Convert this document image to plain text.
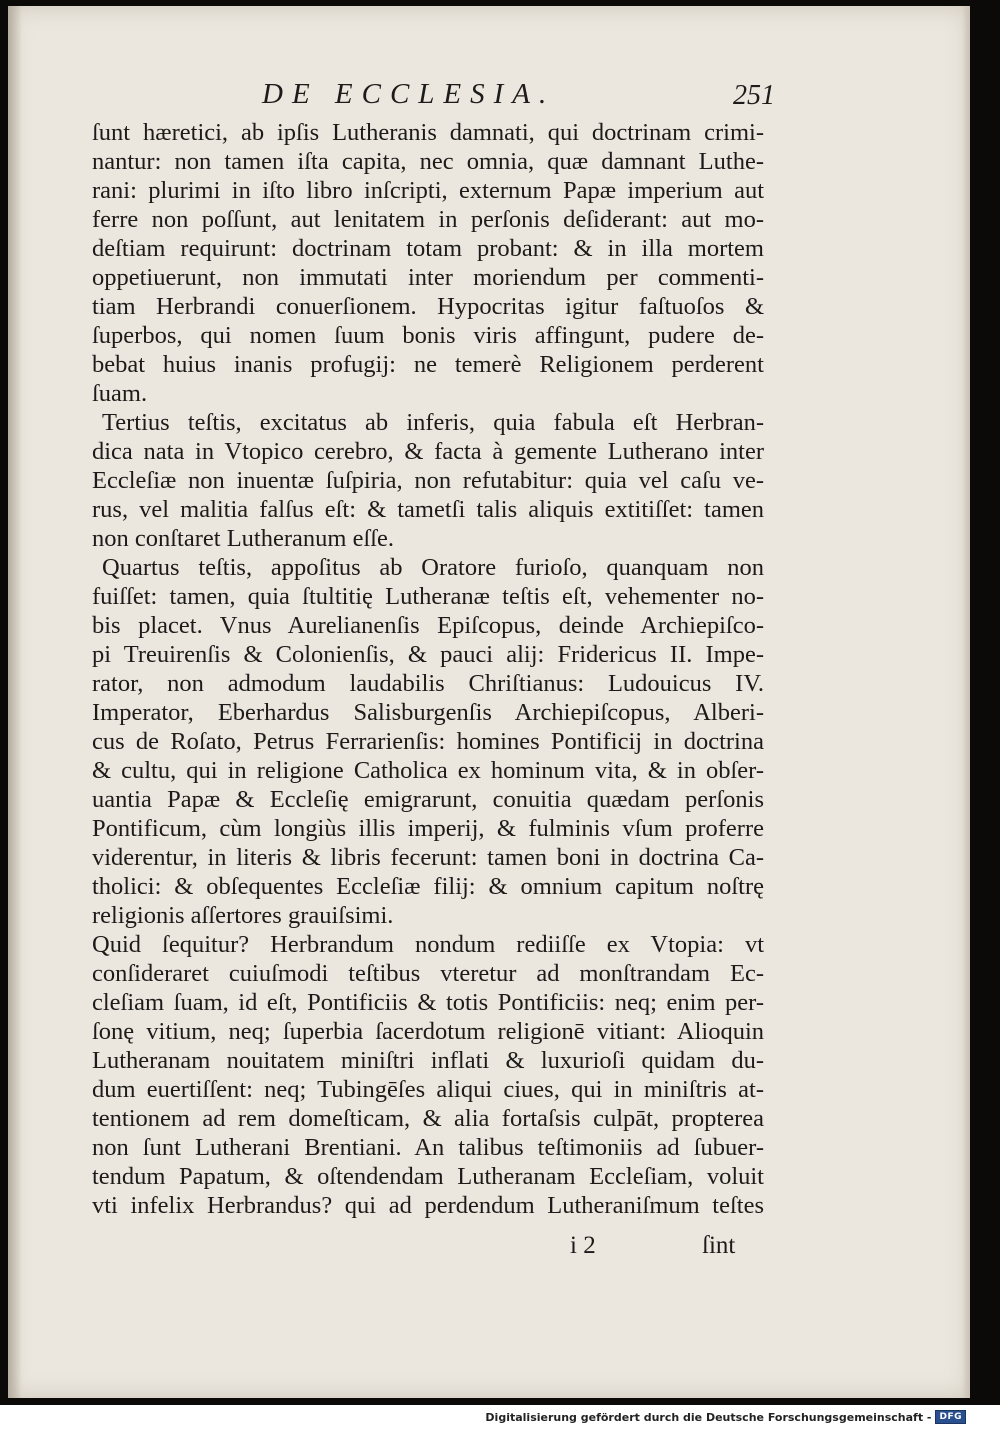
DE ECCLESIA.	251
ſunt hæretici, ab ipſis Lutheranis damnati, qui doctrinam crimi-
nantur: non tamen iſta capita, nec omnia, quæ damnant Luthe-
rani: plurimi in iſto libro inſcripti, externum Papæ imperium aut
ferre non poſſunt, aut lenitatem in perſonis deſiderant: aut mo-
deſtiam requirunt: doctrinam totam probant: & in illa mortem
oppetiuerunt, non immutati inter moriendum per commenti-
tiam Herbrandi conuerſionem. Hypocritas igitur faſtuoſos &
ſuperbos, qui nomen ſuum bonis viris affingunt, pudere de-
bebat huius inanis profugij: ne temerè Religionem perderent
ſuam.
Tertius teſtis, excitatus ab inferis, quia fabula eſt Herbran-
dica nata in Vtopico cerebro, & facta à gemente Lutherano inter
Eccleſiæ non inuentæ ſuſpiria, non refutabitur: quia vel caſu ve-
rus, vel malitia falſus eſt: & tametſi talis aliquis extitiſſet: tamen
non conſtaret Lutheranum eſſe.
Quartus teſtis, appoſitus ab Oratore furioſo, quanquam non
fuiſſet: tamen, quia ſtultitię Lutheranæ teſtis eſt, vehementer no-
bis placet. Vnus Aurelianenſis Epiſcopus, deinde Archiepiſco-
pi Treuirenſis & Colonienſis, & pauci alij: Fridericus II. Impe-
rator, non admodum laudabilis Chriſtianus: Ludouicus IV.
Imperator, Eberhardus Salisburgenſis Archiepiſcopus, Alberi-
cus de Roſato, Petrus Ferrarienſis: homines Pontificij in doctrina
& cultu, qui in religione Catholica ex hominum vita, & in obſer-
uantia Papæ & Eccleſię emigrarunt, conuitia quædam perſonis
Pontificum, cùm longiùs illis imperij, & fulminis vſum proferre
viderentur, in literis & libris fecerunt: tamen boni in doctrina Ca-
tholici: & obſequentes Eccleſiæ filij: & omnium capitum noſtrę
religionis aſſertores grauiſsimi.
Quid ſequitur? Herbrandum nondum rediiſſe ex Vtopia: vt
conſideraret cuiuſmodi teſtibus vteretur ad monſtrandam Ec-
cleſiam ſuam, id eſt, Pontificiis & totis Pontificiis: neq; enim per-
ſonę vitium, neq; ſuperbia ſacerdotum religionē vitiant: Alioquin
Lutheranam nouitatem miniſtri inflati & luxurioſi quidam du-
dum euertiſſent: neq; Tubingēſes aliqui ciues, qui in miniſtris at-
tentionem ad rem domeſticam, & alia fortaſsis culpāt, propterea
non ſunt Lutherani Brentiani. An talibus teſtimoniis ad ſubuer-
tendum Papatum, & oſtendendam Lutheranam Eccleſiam, voluit
vti infelix Herbrandus? qui ad perdendum Lutheraniſmum teſtes
i 2	ſint
Digitalisierung gefördert durch die Deutsche Forschungsgemeinschaft - DFG
